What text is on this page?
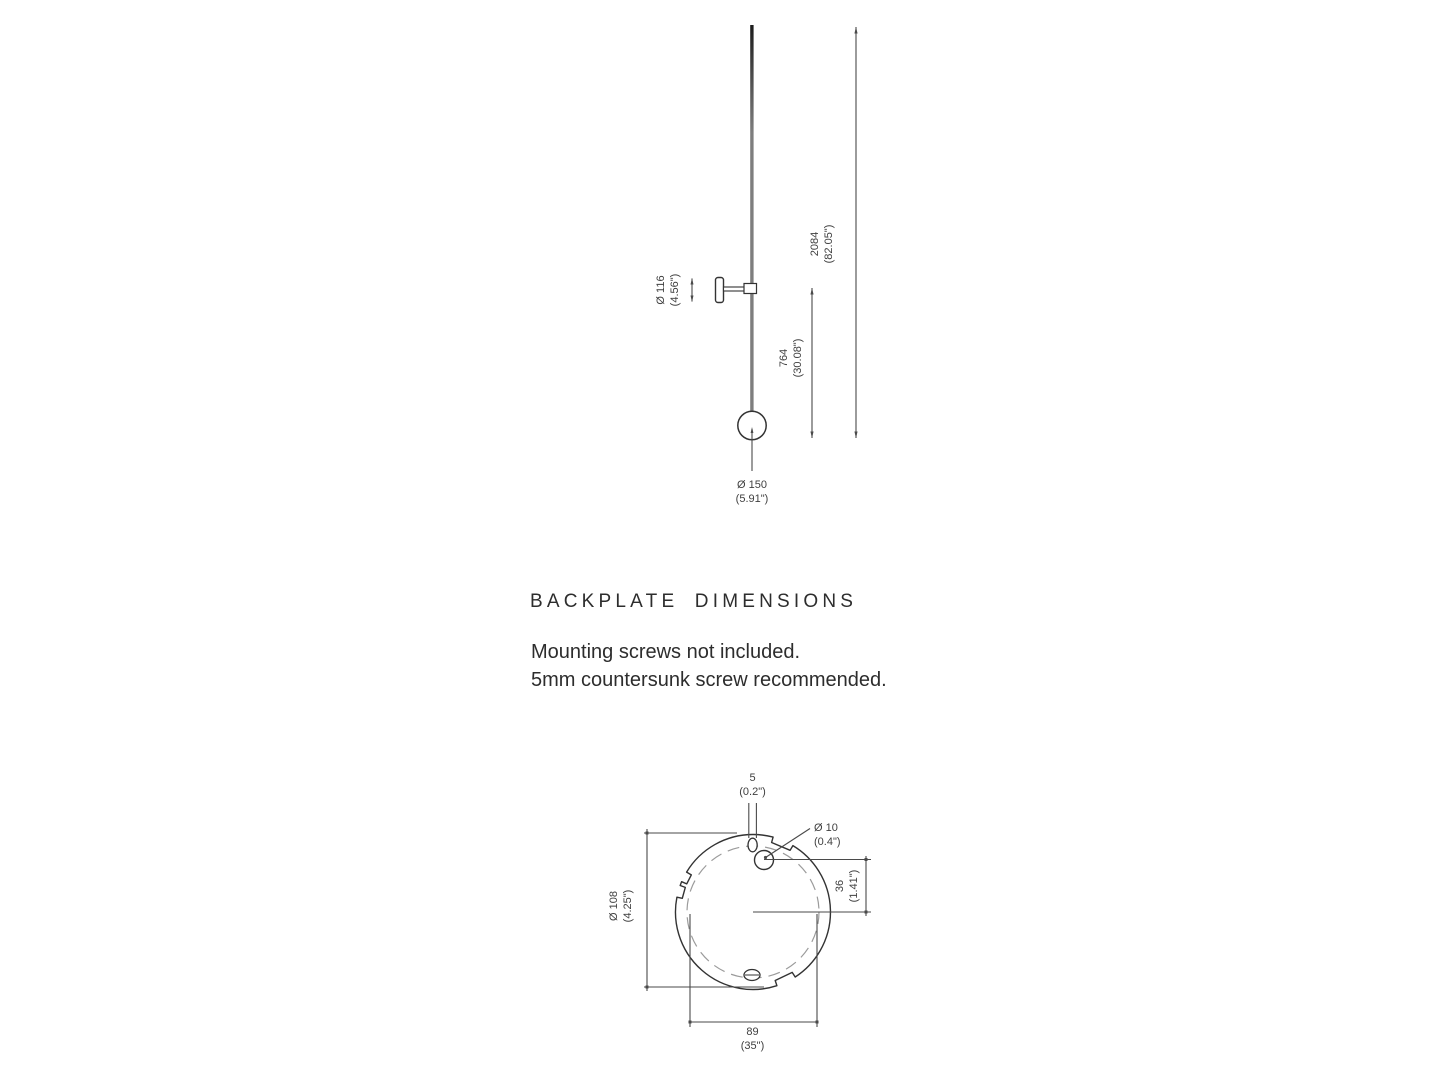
Ø 116 (4.56")
2084 (82.05")
764 (30.08")
Ø 150
(5.91")
BACKPLATE DIMENSIONS
Mounting screws not included.
5mm countersunk screw recommended.
5
(0.2")
Ø 10
(0.4")
Ø 108 (4.25")
36 (1.41")
89
(35")
